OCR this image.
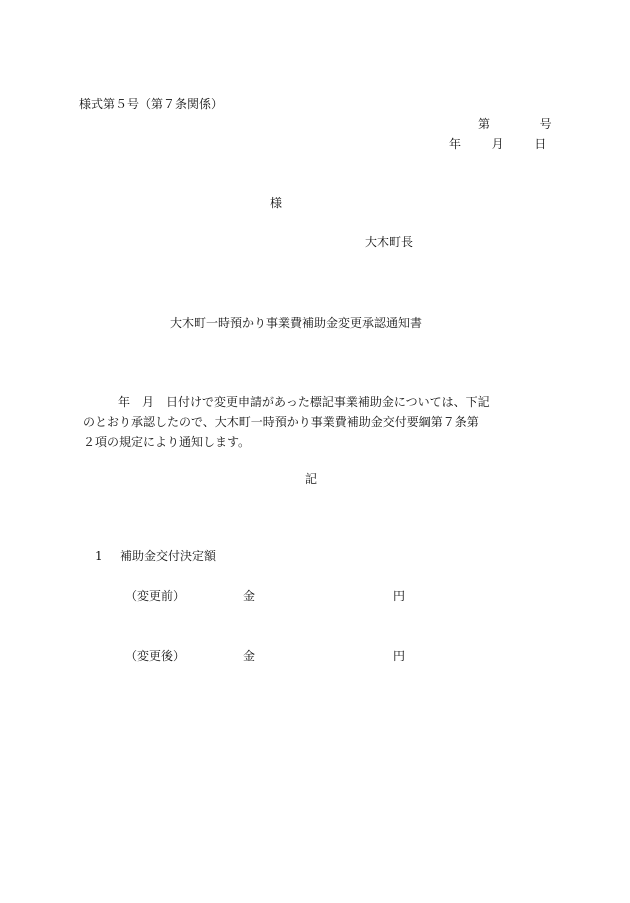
様式第５号（第７条関係）
第	号
年	月	日
様
大木町長
大木町一時預かり事業費補助金変更承認通知書
年　月　日付けで変更申請があった標記事業補助金については、下記
のとおり承認したので、大木町一時預かり事業費補助金交付要綱第７条第
２項の規定により通知します。
記
1 補助金交付決定額
（変更前）	金	円
（変更後）	金	円
